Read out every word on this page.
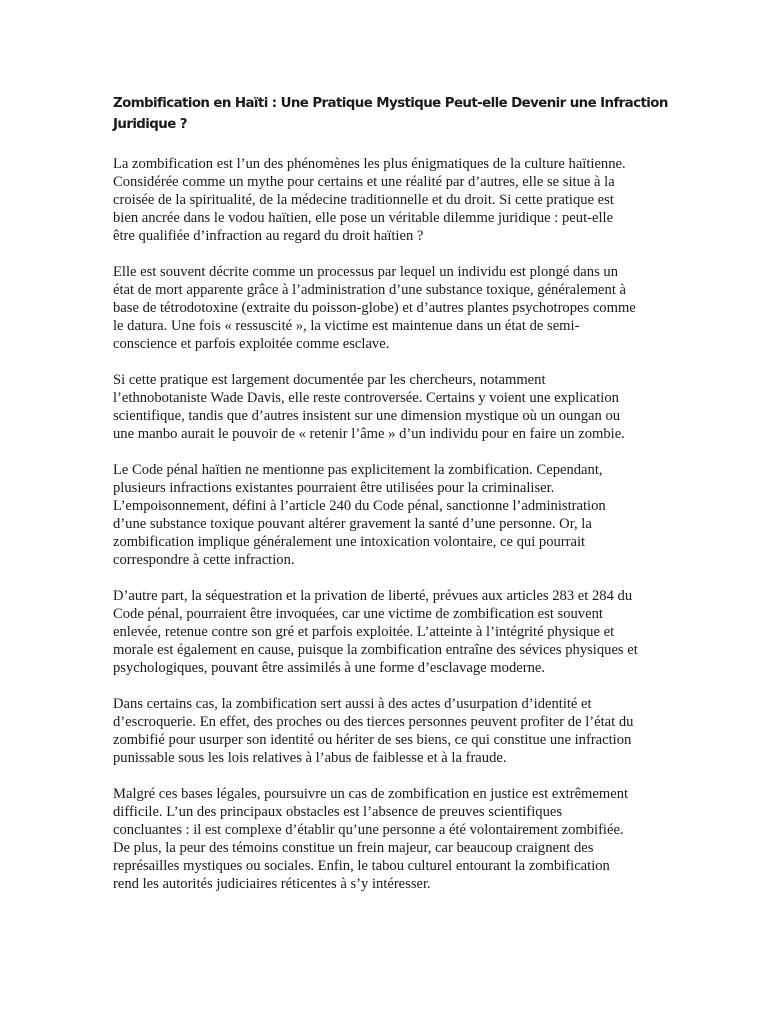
Zombification en Haïti : Une Pratique Mystique Peut-elle Devenir une Infraction Juridique ?

La zombification est l’un des phénomènes les plus énigmatiques de la culture haïtienne.
Considérée comme un mythe pour certains et une réalité par d’autres, elle se situe à la
croisée de la spiritualité, de la médecine traditionnelle et du droit. Si cette pratique est
bien ancrée dans le vodou haïtien, elle pose un véritable dilemme juridique : peut-elle
être qualifiée d’infraction au regard du droit haïtien ?

Elle est souvent décrite comme un processus par lequel un individu est plongé dans un
état de mort apparente grâce à l’administration d’une substance toxique, généralement à
base de tétrodotoxine (extraite du poisson-globe) et d’autres plantes psychotropes comme
le datura. Une fois « ressuscité », la victime est maintenue dans un état de semi-
conscience et parfois exploitée comme esclave.

Si cette pratique est largement documentée par les chercheurs, notamment
l’ethnobotaniste Wade Davis, elle reste controversée. Certains y voient une explication
scientifique, tandis que d’autres insistent sur une dimension mystique où un oungan ou
une manbo aurait le pouvoir de « retenir l’âme » d’un individu pour en faire un zombie.

Le Code pénal haïtien ne mentionne pas explicitement la zombification. Cependant,
plusieurs infractions existantes pourraient être utilisées pour la criminaliser.
L’empoisonnement, défini à l’article 240 du Code pénal, sanctionne l’administration
d’une substance toxique pouvant altérer gravement la santé d’une personne. Or, la
zombification implique généralement une intoxication volontaire, ce qui pourrait
correspondre à cette infraction.

D’autre part, la séquestration et la privation de liberté, prévues aux articles 283 et 284 du
Code pénal, pourraient être invoquées, car une victime de zombification est souvent
enlevée, retenue contre son gré et parfois exploitée. L’atteinte à l’intégrité physique et
morale est également en cause, puisque la zombification entraîne des sévices physiques et
psychologiques, pouvant être assimilés à une forme d’esclavage moderne.

Dans certains cas, la zombification sert aussi à des actes d’usurpation d’identité et
d’escroquerie. En effet, des proches ou des tierces personnes peuvent profiter de l’état du
zombifié pour usurper son identité ou hériter de ses biens, ce qui constitue une infraction
punissable sous les lois relatives à l’abus de faiblesse et à la fraude.

Malgré ces bases légales, poursuivre un cas de zombification en justice est extrêmement
difficile. L’un des principaux obstacles est l’absence de preuves scientifiques
concluantes : il est complexe d’établir qu’une personne a été volontairement zombifiée.
De plus, la peur des témoins constitue un frein majeur, car beaucoup craignent des
représailles mystiques ou sociales. Enfin, le tabou culturel entourant la zombification
rend les autorités judiciaires réticentes à s’y intéresser.
